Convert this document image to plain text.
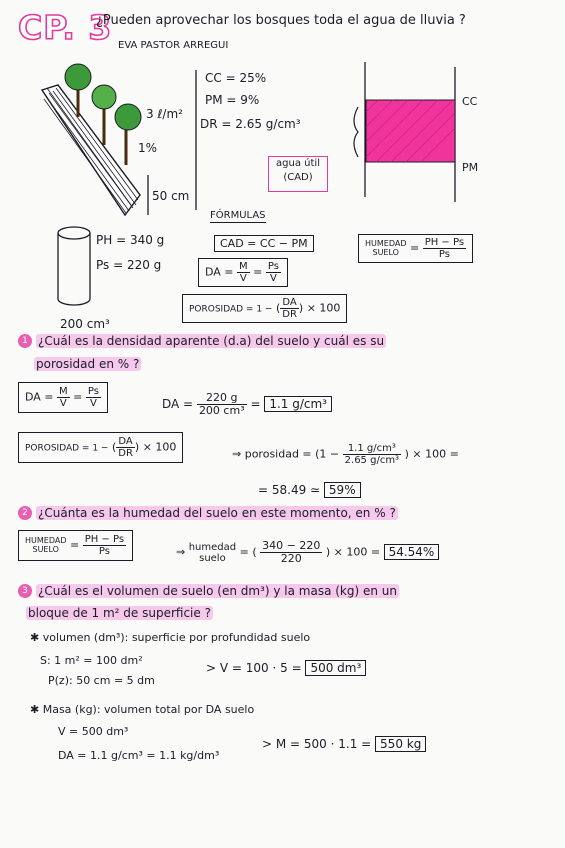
CP. 3
¿Pueden aprovechar los bosques toda el agua de lluvia ?
EVA PASTOR ARREGUI
3 ℓ/m²
1%
50 cm
CC = 25%
PM = 9%
DR = 2.65 g/cm³
agua útil
(CAD)
CC
PM
PH = 340 g
Ps = 220 g
200 cm³
FÓRMULAS
CAD = CC − PM	HUMEDAD
SUELO	= $\frac{PH - Ps}{Ps}$
DA = $\frac{M}{V} = \frac{Ps}{V}$
POROSIDAD = 1 − ( $\frac{DA}{DR}$ ) × 100
1 ¿Cuál es la densidad aparente (d.a) del suelo y cuál es su
porosidad en % ?
DA = $\frac{M}{V} = \frac{Ps}{V}$	DA = $\frac{220 g}{\text{200 cm³}} = 1.1$ g/cm³
POROSIDAD = 1 − ( $\frac{DA}{DR}$ ) × 100
⇒ porosidad = ($1 - \frac{\text{1.1 g/cm³}}{\text{2.65 g/cm³}}$ ) × 100 =
= 58.49 ≃ 59%
2 ¿Cuánta es la humedad del suelo en este momento, en % ?
HUMEDAD
SUELO	= $\frac{PH - Ps}{Ps}$	⇒ humedad
suelo	= ( $\frac{340 - 220}{220}$ ) × 100 = 54.54%
3 ¿Cuál es el volumen de suelo (en dm³) y la masa (kg) en un
bloque de 1 m² de superficie ?
✱ volumen (dm³): superficie por profundidad suelo
S: 1 m² = 100 dm²
P(z): 50 cm = 5 dm
> V = 100 · 5 = 500 dm³
✱ Masa (kg): volumen total por DA suelo
V = 500 dm³
DA = 1.1 g/cm³ = 1.1 kg/dm³
> M = 500 · 1.1 = 550 kg
